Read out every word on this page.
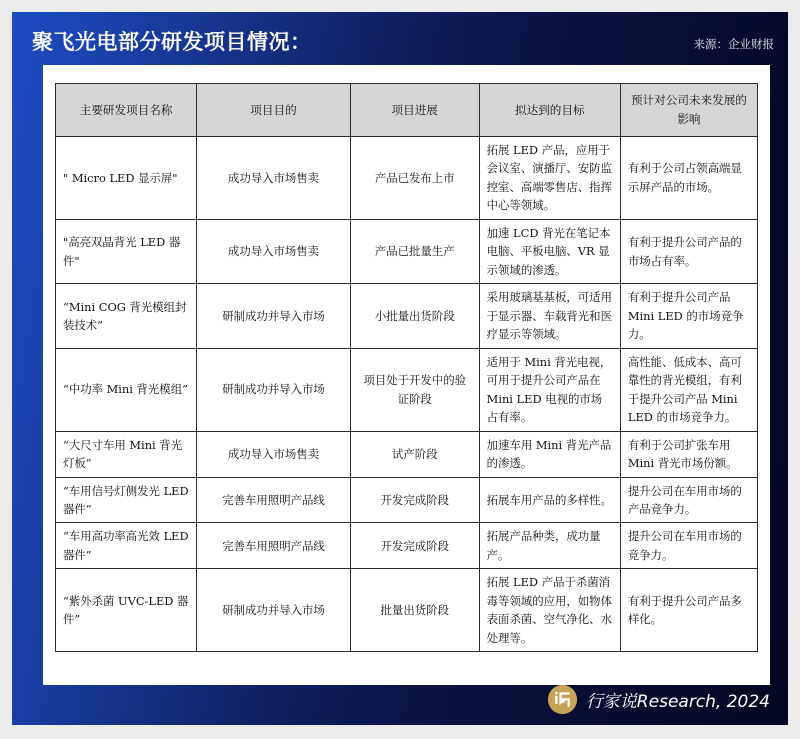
聚飞光电部分研发项目情况：	来源：企业财报
主要研发项目名称	项目目的	项目进展	拟达到的目标	预计对公司未来发展的影响
" Micro LED 显示屏"	成功导入市场售卖	产品已发布上市	拓展 LED 产品，应用于会议室、演播厅、安防监控室、高端零售店、指挥中心等领域。	有利于公司占领高端显示屏产品的市场。
"高亮双晶背光 LED 器件"	成功导入市场售卖	产品已批量生产	加速 LCD 背光在笔记本电脑、平板电脑、VR 显示领域的渗透。	有利于提升公司产品的市场占有率。
“Mini COG 背光模组封装技术”	研制成功并导入市场	小批量出货阶段	采用玻璃基基板，可适用于显示器、车载背光和医疗显示等领域。	有利于提升公司产品 Mini LED 的市场竞争力。
“中功率 Mini 背光模组”	研制成功并导入市场	项目处于开发中的验证阶段	适用于 Mini 背光电视，可用于提升公司产品在 Mini LED 电视的市场占有率。	高性能、低成本、高可靠性的背光模组，有利于提升公司产品 Mini LED 的市场竞争力。
“大尺寸车用 Mini 背光灯板”	成功导入市场售卖	试产阶段	加速车用 Mini 背光产品的渗透。	有利于公司扩张车用 Mini 背光市场份额。
“车用信号灯侧发光 LED 器件”	完善车用照明产品线	开发完成阶段	拓展车用产品的多样性。	提升公司在车用市场的产品竞争力。
“车用高功率高光效 LED 器件”	完善车用照明产品线	开发完成阶段	拓展产品种类，成功量产。	提升公司在车用市场的竞争力。
“紫外杀菌 UVC-LED 器件”	研制成功并导入市场	批量出货阶段	拓展 LED 产品于杀菌消毒等领域的应用，如物体表面杀菌、空气净化、水处理等。	有利于提升公司产品多样化。
行家说Research, 2024
